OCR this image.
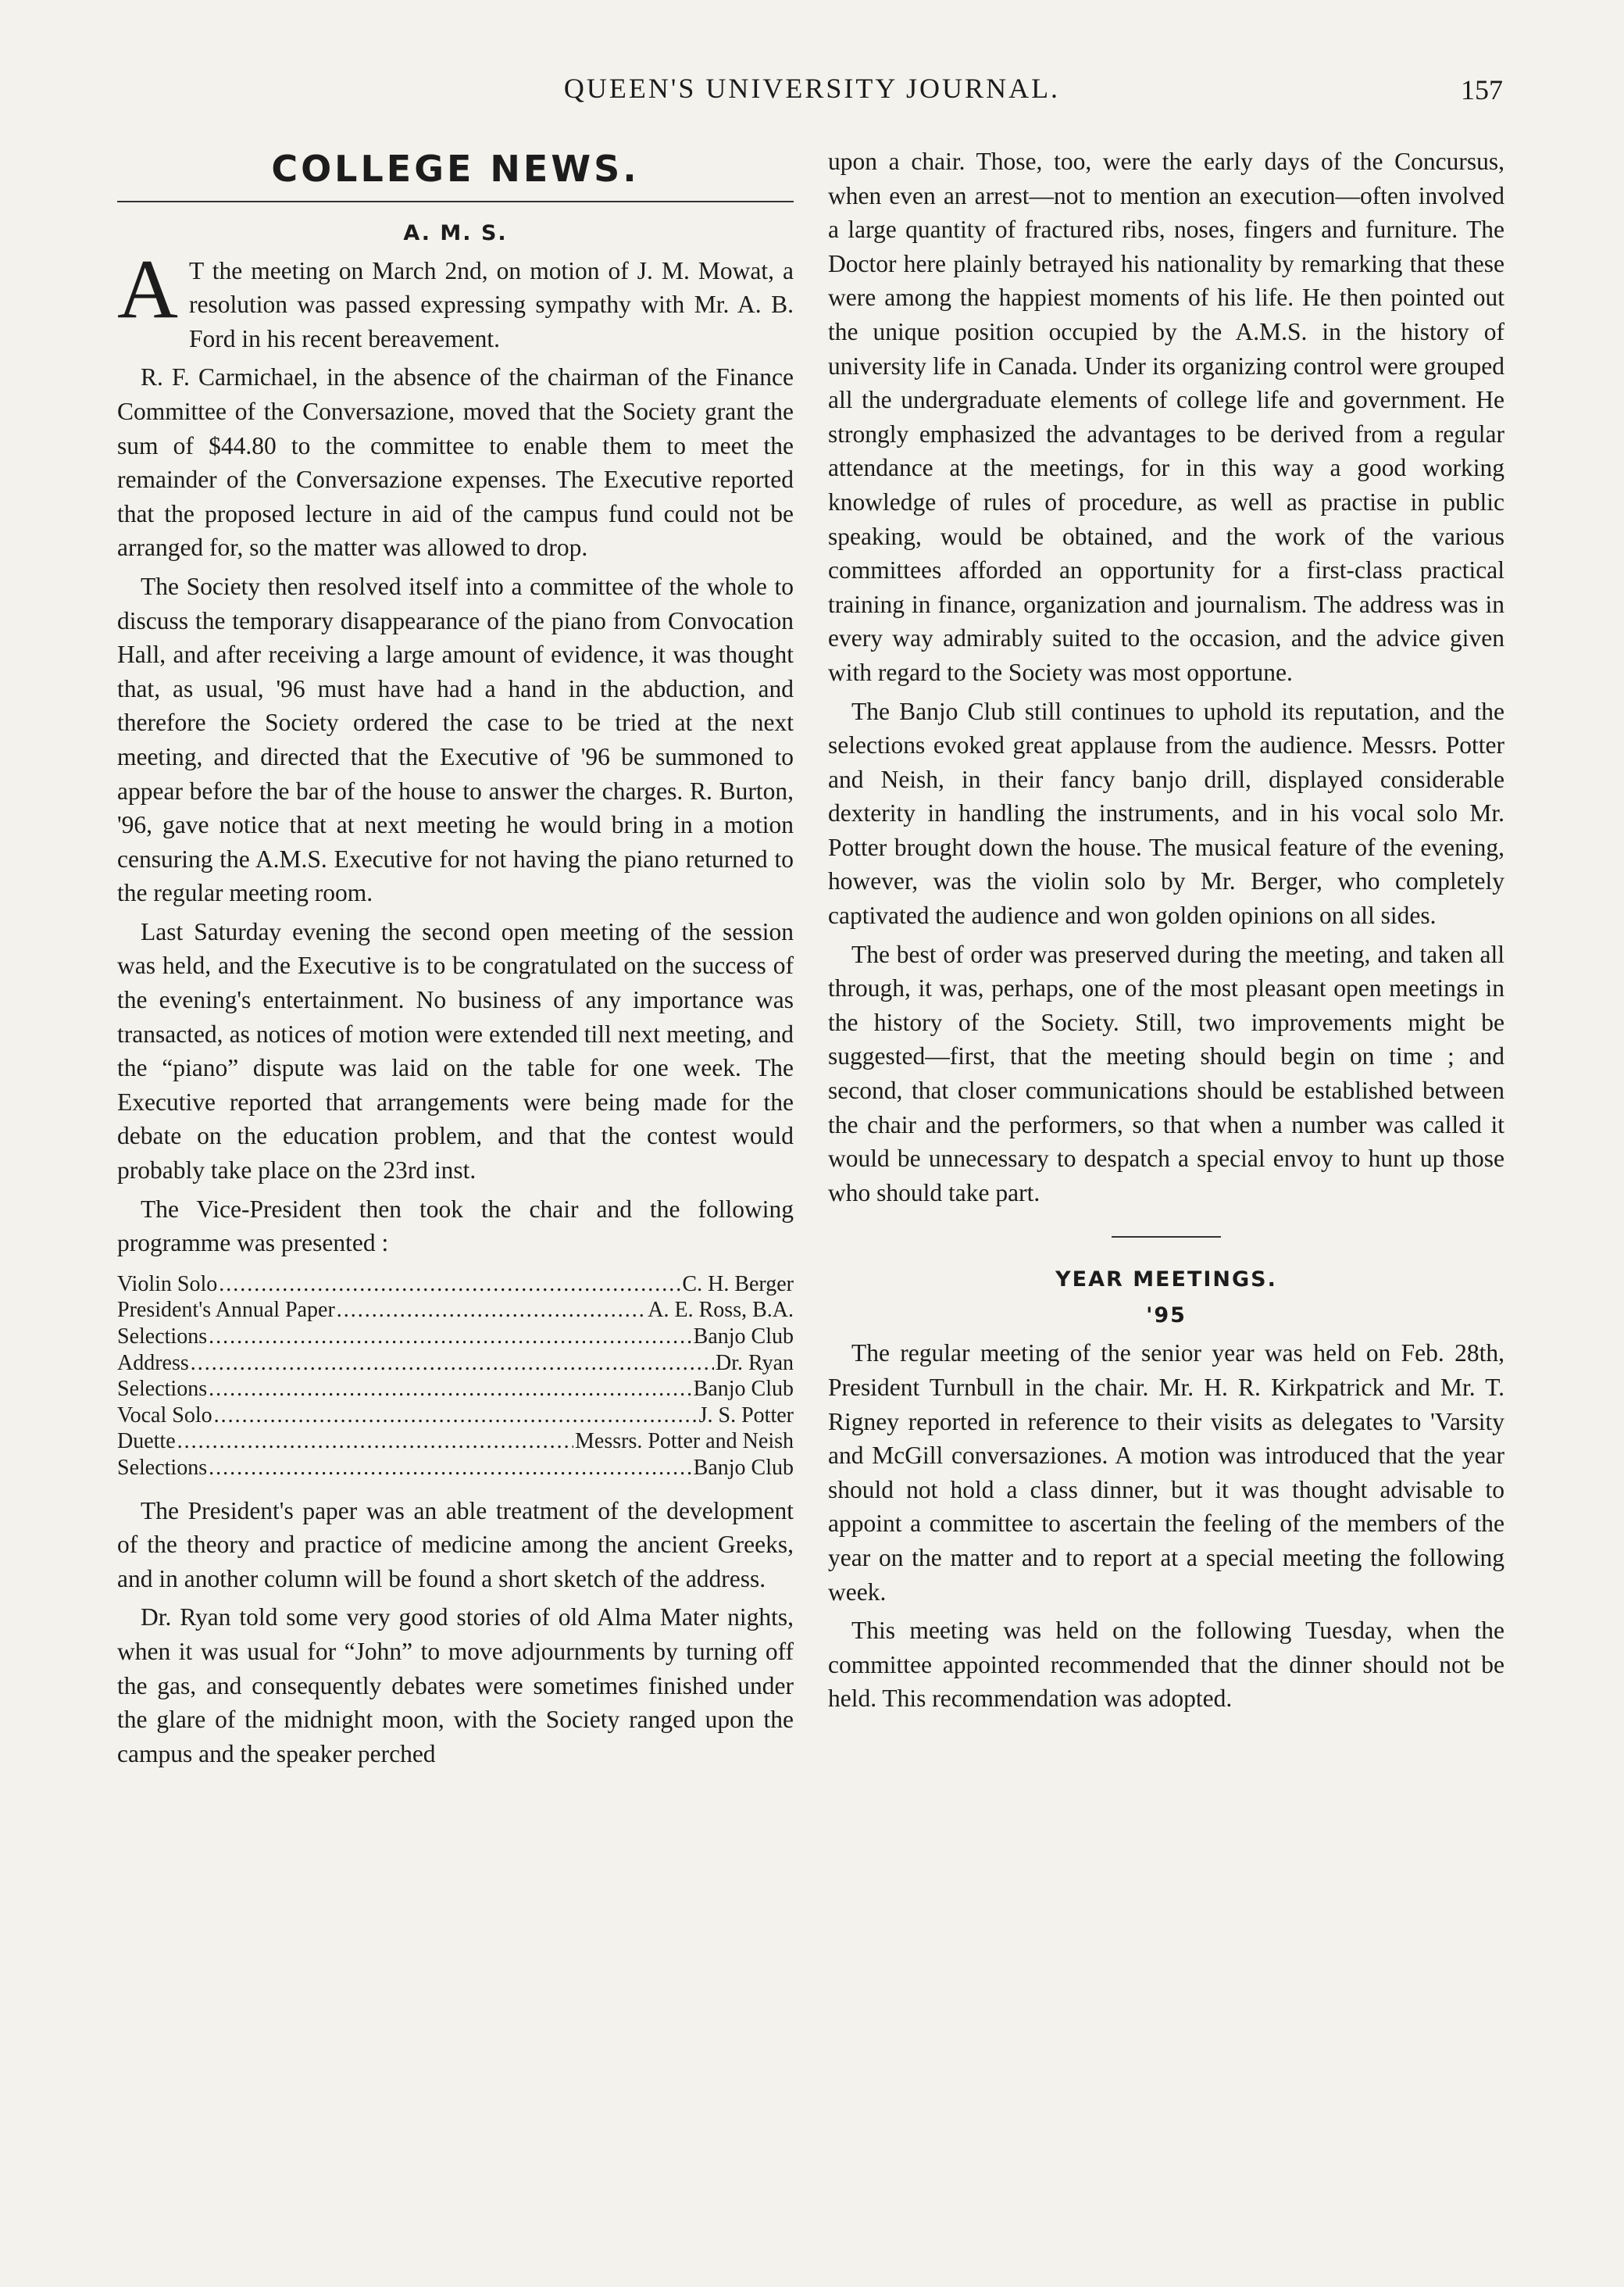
QUEEN'S UNIVERSITY JOURNAL.	157
COLLEGE NEWS.
A. M. S.

A T the meeting on March 2nd, on motion of J. M. Mowat, a resolution was passed expressing sympathy with Mr. A. B. Ford in his recent bereavement.

R. F. Carmichael, in the absence of the chairman of the Finance Committee of the Conversazione, moved that the Society grant the sum of $44.80 to the committee to enable them to meet the remainder of the Conversazione expenses. The Executive reported that the proposed lecture in aid of the campus fund could not be arranged for, so the matter was allowed to drop.

The Society then resolved itself into a committee of the whole to discuss the temporary disappearance of the piano from Convocation Hall, and after receiving a large amount of evidence, it was thought that, as usual, '96 must have had a hand in the abduction, and therefore the Society ordered the case to be tried at the next meeting, and directed that the Executive of '96 be summoned to appear before the bar of the house to answer the charges. R. Burton, '96, gave notice that at next meeting he would bring in a motion censuring the A.M.S. Executive for not having the piano returned to the regular meeting room.

Last Saturday evening the second open meeting of the session was held, and the Executive is to be congratulated on the success of the evening's entertainment. No business of any importance was transacted, as notices of motion were extended till next meeting, and the “piano” dispute was laid on the table for one week. The Executive reported that arrangements were being made for the debate on the education problem, and that the contest would probably take place on the 23rd inst.

The Vice-President then took the chair and the following programme was presented :

Violin Solo .....	C. H. Berger
President's Annual Paper .....	A. E. Ross, B.A.
Selections .....	Banjo Club
Address .....	Dr. Ryan
Selections .....	Banjo Club
Vocal Solo .....	J. S. Potter
Duette .....	Messrs. Potter and Neish
Selections .....	Banjo Club

The President's paper was an able treatment of the development of the theory and practice of medicine among the ancient Greeks, and in another column will be found a short sketch of the address.

Dr. Ryan told some very good stories of old Alma Mater nights, when it was usual for “John” to move adjournments by turning off the gas, and consequently debates were sometimes finished under the glare of the midnight moon, with the Society ranged upon the campus and the speaker perched

upon a chair. Those, too, were the early days of the Concursus, when even an arrest—not to mention an execution—often involved a large quantity of fractured ribs, noses, fingers and furniture. The Doctor here plainly betrayed his nationality by remarking that these were among the happiest moments of his life. He then pointed out the unique position occupied by the A.M.S. in the history of university life in Canada. Under its organizing control were grouped all the undergraduate elements of college life and government. He strongly emphasized the advantages to be derived from a regular attendance at the meetings, for in this way a good working knowledge of rules of procedure, as well as practise in public speaking, would be obtained, and the work of the various committees afforded an opportunity for a first-class practical training in finance, organization and journalism. The address was in every way admirably suited to the occasion, and the advice given with regard to the Society was most opportune.

The Banjo Club still continues to uphold its reputation, and the selections evoked great applause from the audience. Messrs. Potter and Neish, in their fancy banjo drill, displayed considerable dexterity in handling the instruments, and in his vocal solo Mr. Potter brought down the house. The musical feature of the evening, however, was the violin solo by Mr. Berger, who completely captivated the audience and won golden opinions on all sides.

The best of order was preserved during the meeting, and taken all through, it was, perhaps, one of the most pleasant open meetings in the history of the Society. Still, two improvements might be suggested—first, that the meeting should begin on time ; and second, that closer communications should be established between the chair and the performers, so that when a number was called it would be unnecessary to despatch a special envoy to hunt up those who should take part.

YEAR MEETINGS.
'95

The regular meeting of the senior year was held on Feb. 28th, President Turnbull in the chair. Mr. H. R. Kirkpatrick and Mr. T. Rigney reported in reference to their visits as delegates to 'Varsity and McGill conversaziones. A motion was introduced that the year should not hold a class dinner, but it was thought advisable to appoint a committee to ascertain the feeling of the members of the year on the matter and to report at a special meeting the following week.

This meeting was held on the following Tuesday, when the committee appointed recommended that the dinner should not be held. This recommendation was adopted.
